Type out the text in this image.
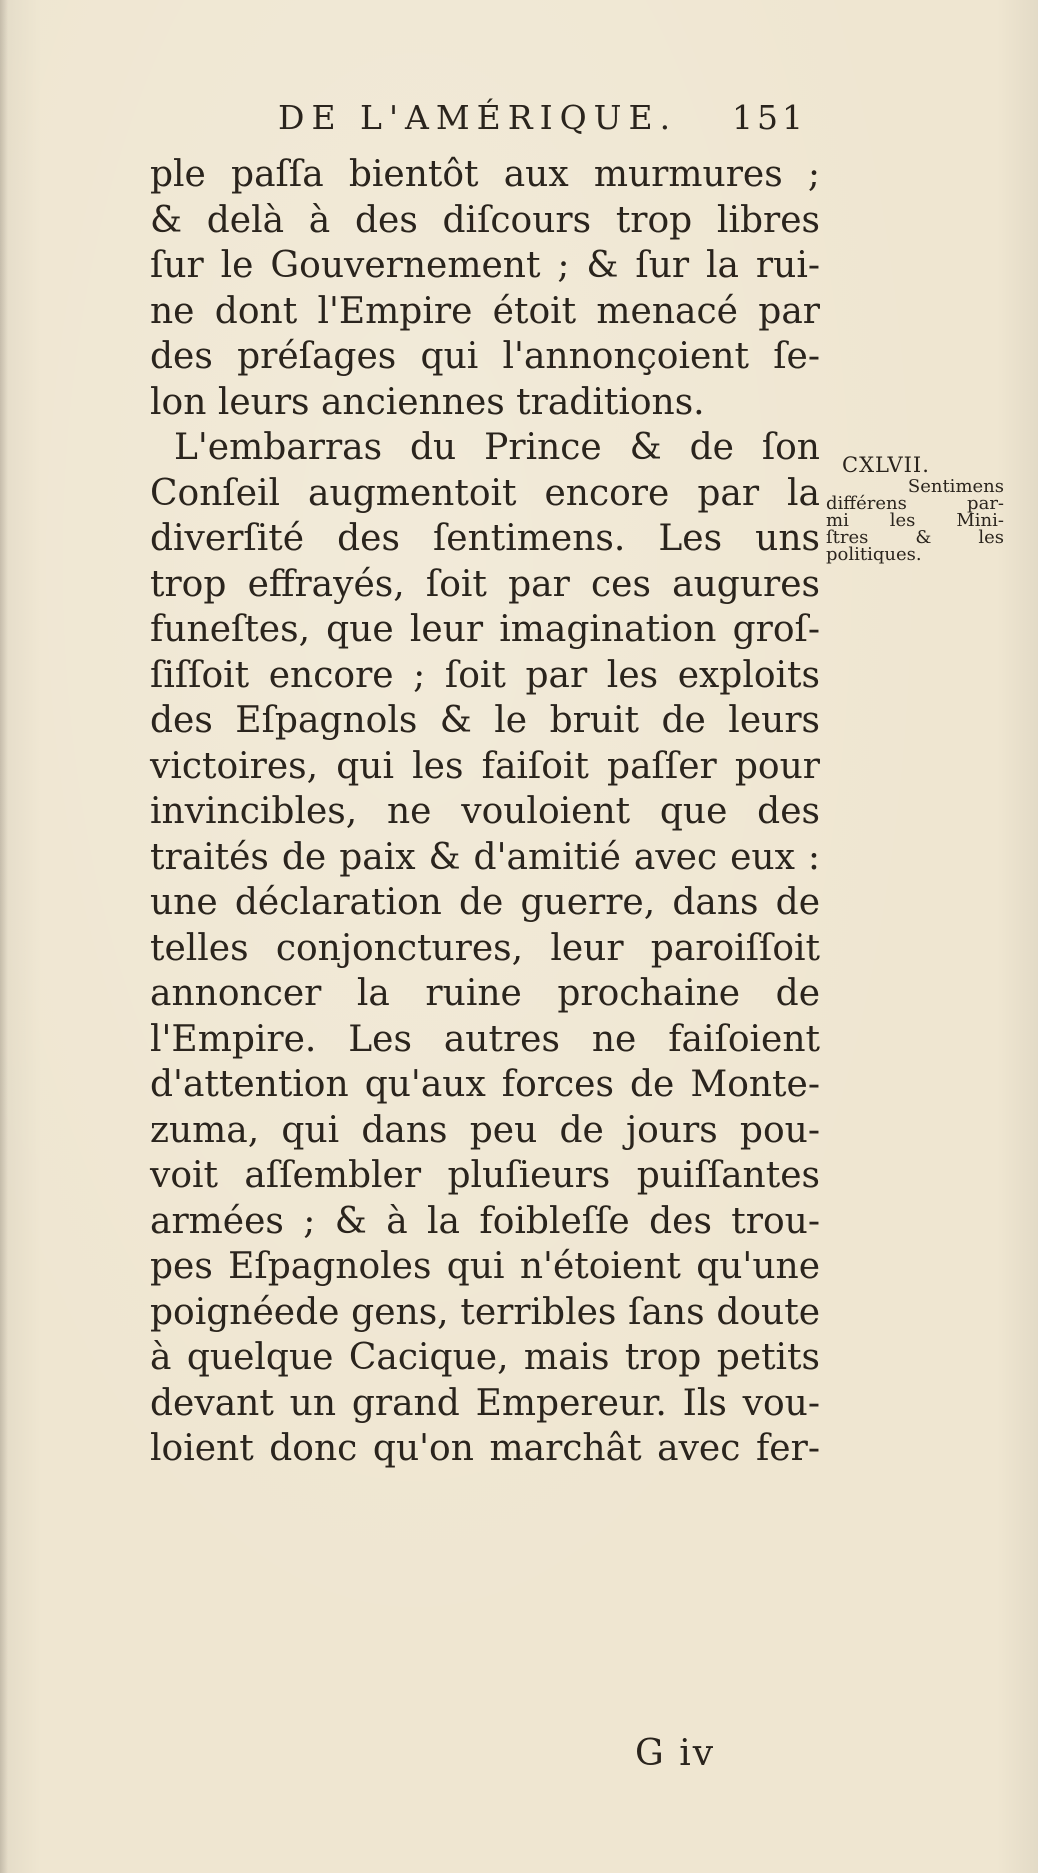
DE L'AMÉRIQUE. 151
ple paſſa bientôt aux murmures ;
& delà à des diſcours trop libres
ſur le Gouvernement ; & ſur la rui-
ne dont l'Empire étoit menacé par
des préſages qui l'annonçoient ſe-
lon leurs anciennes traditions.
L'embarras du Prince & de ſon
Conſeil augmentoit encore par la
diverſité des ſentimens. Les uns
trop effrayés, ſoit par ces augures
funeſtes, que leur imagination groſ-
ſiſſoit encore ; ſoit par les exploits
des Eſpagnols & le bruit de leurs
victoires, qui les faiſoit paſſer pour
invincibles, ne vouloient que des
traités de paix & d'amitié avec eux :
une déclaration de guerre, dans de
telles conjonctures, leur paroiſſoit
annoncer la ruine prochaine de
l'Empire. Les autres ne faiſoient
d'attention qu'aux forces de Monte-
zuma, qui dans peu de jours pou-
voit aſſembler pluſieurs puiſſantes
armées ; & à la foibleſſe des trou-
pes Eſpagnoles qui n'étoient qu'une
poignéede gens, terribles ſans doute
à quelque Cacique, mais trop petits
devant un grand Empereur. Ils vou-
loient donc qu'on marchât avec fer-
CXLVII.
Sentimens
différens par-
mi les Mini-
ſtres & les
politiques.
G iv
